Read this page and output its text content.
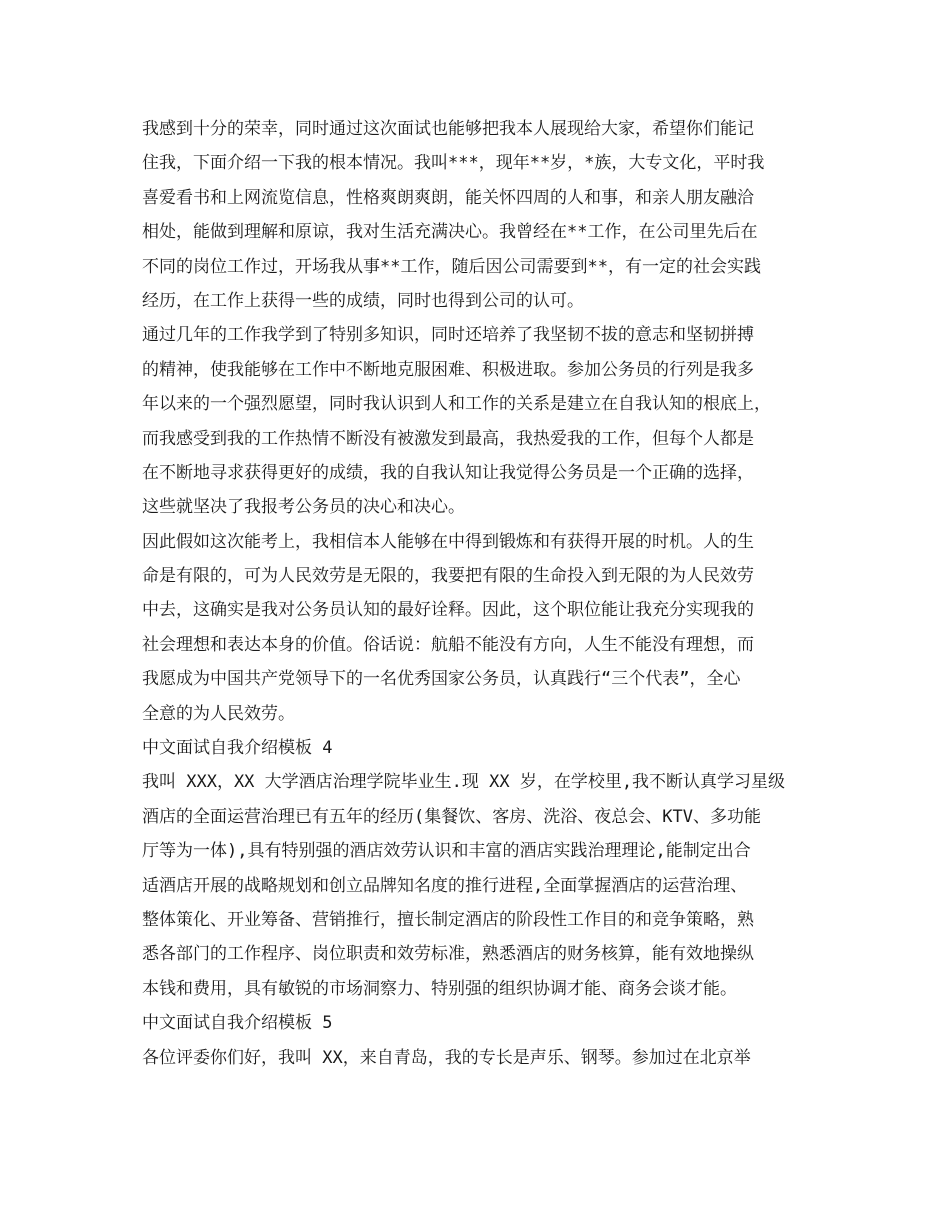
我感到十分的荣幸，同时通过这次面试也能够把我本人展现给大家，希望你们能记
住我，下面介绍一下我的根本情况。我叫***，现年**岁，*族，大专文化，平时我
喜爱看书和上网流览信息，性格爽朗爽朗，能关怀四周的人和事，和亲人朋友融洽
相处，能做到理解和原谅，我对生活充满决心。我曾经在**工作，在公司里先后在
不同的岗位工作过，开场我从事**工作，随后因公司需要到**，有一定的社会实践
经历，在工作上获得一些的成绩，同时也得到公司的认可。
通过几年的工作我学到了特别多知识，同时还培养了我坚韧不拔的意志和坚韧拼搏
的精神，使我能够在工作中不断地克服困难、积极进取。参加公务员的行列是我多
年以来的一个强烈愿望，同时我认识到人和工作的关系是建立在自我认知的根底上，
而我感受到我的工作热情不断没有被激发到最高，我热爱我的工作，但每个人都是
在不断地寻求获得更好的成绩，我的自我认知让我觉得公务员是一个正确的选择，
这些就坚决了我报考公务员的决心和决心。
因此假如这次能考上，我相信本人能够在中得到锻炼和有获得开展的时机。人的生
命是有限的，可为人民效劳是无限的，我要把有限的生命投入到无限的为人民效劳
中去，这确实是我对公务员认知的最好诠释。因此，这个职位能让我充分实现我的
社会理想和表达本身的价值。俗话说：航船不能没有方向，人生不能没有理想，而
我愿成为中国共产党领导下的一名优秀国家公务员，认真践行“三个代表”，全心
全意的为人民效劳。
中文面试自我介绍模板 4
我叫 XXX，XX 大学酒店治理学院毕业生.现 XX 岁，在学校里,我不断认真学习星级
酒店的全面运营治理已有五年的经历(集餐饮、客房、洗浴、夜总会、KTV、多功能
厅等为一体),具有特别强的酒店效劳认识和丰富的酒店实践治理理论,能制定出合
适酒店开展的战略规划和创立品牌知名度的推行进程,全面掌握酒店的运营治理、
整体策化、开业筹备、营销推行，擅长制定酒店的阶段性工作目的和竞争策略，熟
悉各部门的工作程序、岗位职责和效劳标准，熟悉酒店的财务核算，能有效地操纵
本钱和费用，具有敏锐的市场洞察力、特别强的组织协调才能、商务会谈才能。
中文面试自我介绍模板 5
各位评委你们好，我叫 XX，来自青岛，我的专长是声乐、钢琴。参加过在北京举
